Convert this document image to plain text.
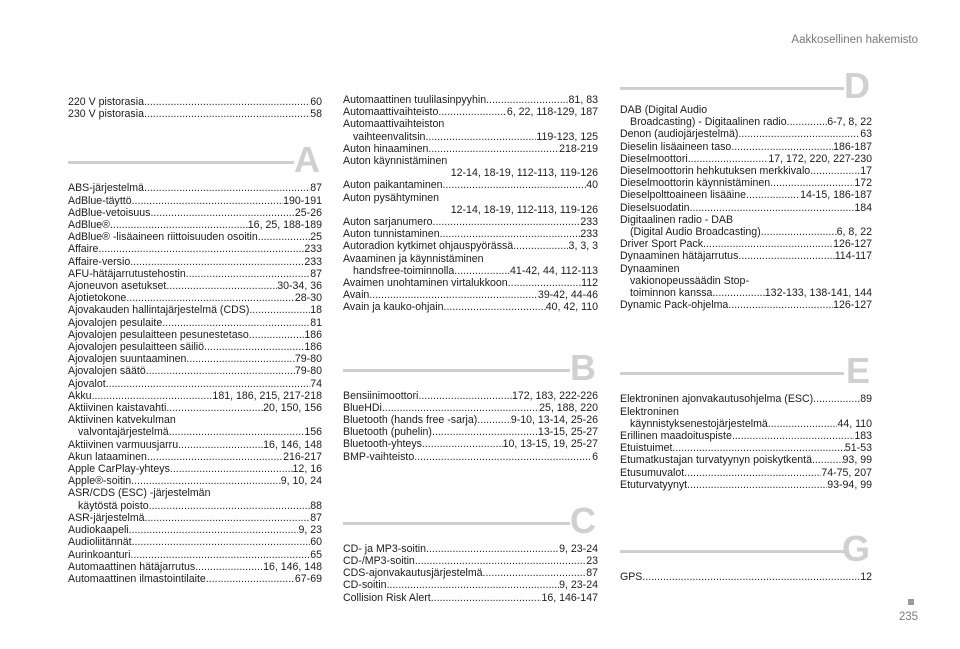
Aakkosellinen hakemisto
220 V pistorasia .....	60
230 V pistorasia .....	58
A
ABS-järjestelmä .....	87
AdBlue-täyttö .....	190-191
AdBlue-vetoisuus .....	25-26
AdBlue® .....	16, 25, 188-189
AdBlue® -lisäaineen riittoisuuden osoitin .....	25
Affaire .....	233
Affaire-versio .....	233
AFU-hätäjarrutustehostin .....	87
Ajoneuvon asetukset .....	30-34, 36
Ajotietokone .....	28-30
Ajovakauden hallintajärjestelmä (CDS) .....	18
Ajovalojen pesulaite .....	81
Ajovalojen pesulaitteen pesunestetaso .....	186
Ajovalojen pesulaitteen säiliö .....	186
Ajovalojen suuntaaminen .....	79-80
Ajovalojen säätö .....	79-80
Ajovalot .....	74
Akku .....	181, 186, 215, 217-218
Aktiivinen kaistavahti .....	20, 150, 156
Aktiivinen katvekulman
valvontajärjestelmä .....	156
Aktiivinen varmuusjarru .....	16, 146, 148
Akun lataaminen .....	216-217
Apple CarPlay-yhteys .....	12, 16
Apple®-soitin .....	9, 10, 24
ASR/CDS (ESC) -järjestelmän
käytöstä poisto .....	88
ASR-järjestelmä .....	87
Audiokaapeli .....	9, 23
Audioliitännät .....	60
Aurinkoanturi .....	65
Automaattinen hätäjarrutus .....	16, 146, 148
Automaattinen ilmastointilaite .....	67-69
Automaattinen tuulilasinpyyhin .....	81, 83
Automaattivaihteisto .....	6, 22, 118-129, 187
Automaattivaihteiston
vaihteenvalitsin .....	119-123, 125
Auton hinaaminen .....	218-219
Auton käynnistäminen
12-14, 18-19, 112-113, 119-126
Auton paikantaminen .....	40
Auton pysähtyminen
12-14, 18-19, 112-113, 119-126
Auton sarjanumero .....	233
Auton tunnistaminen .....	233
Autoradion kytkimet ohjauspyörässä .....	3, 3, 3
Avaaminen ja käynnistäminen
handsfree-toiminnolla .....	41-42, 44, 112-113
Avaimen unohtaminen virtalukkoon .....	112
Avain .....	39-42, 44-46
Avain ja kauko-ohjain .....	40, 42, 110
B
Bensiinimoottori .....	172, 183, 222-226
BlueHDi .....	25, 188, 220
Bluetooth (hands free -sarja) .....	9-10, 13-14, 25-26
Bluetooth (puhelin) .....	13-15, 25-27
Bluetooth-yhteys .....	10, 13-15, 19, 25-27
BMP-vaihteisto .....	6
C
CD- ja MP3-soitin .....	9, 23-24
CD-/MP3-soitin .....	23
CDS-ajonvakautusjärjestelmä .....	87
CD-soitin .....	9, 23-24
Collision Risk Alert .....	16, 146-147
D
DAB (Digital Audio
Broadcasting) - Digitaalinen radio .....	6-7, 8, 22
Denon (audiojärjestelmä) .....	63
Dieselin lisäaineen taso .....	186-187
Dieselmoottori .....	17, 172, 220, 227-230
Dieselmoottorin hehkutuksen merkkivalo .....	17
Dieselmoottorin käynnistäminen .....	172
Dieselpolttoaineen lisääine .....	14-15, 186-187
Dieselsuodatin .....	184
Digitaalinen radio - DAB
(Digital Audio Broadcasting) .....	6, 8, 22
Driver Sport Pack .....	126-127
Dynaaminen hätäjarrutus .....	114-117
Dynaaminen
vakionopeussäädin Stop-
toiminnon kanssa .....	132-133, 138-141, 144
Dynamic Pack-ohjelma .....	126-127
E
Elektroninen ajonvakautusohjelma (ESC) .....	89
Elektroninen
käynnistyksenestojärjestelmä .....	44, 110
Erillinen maadoituspiste .....	183
Etuistuimet .....	51-53
Etumatkustajan turvatyynyn poiskytkentä .....	93, 99
Etusumuvalot .....	74-75, 207
Etuturvatyynyt .....	93-94, 99
G
GPS .....	12
235
